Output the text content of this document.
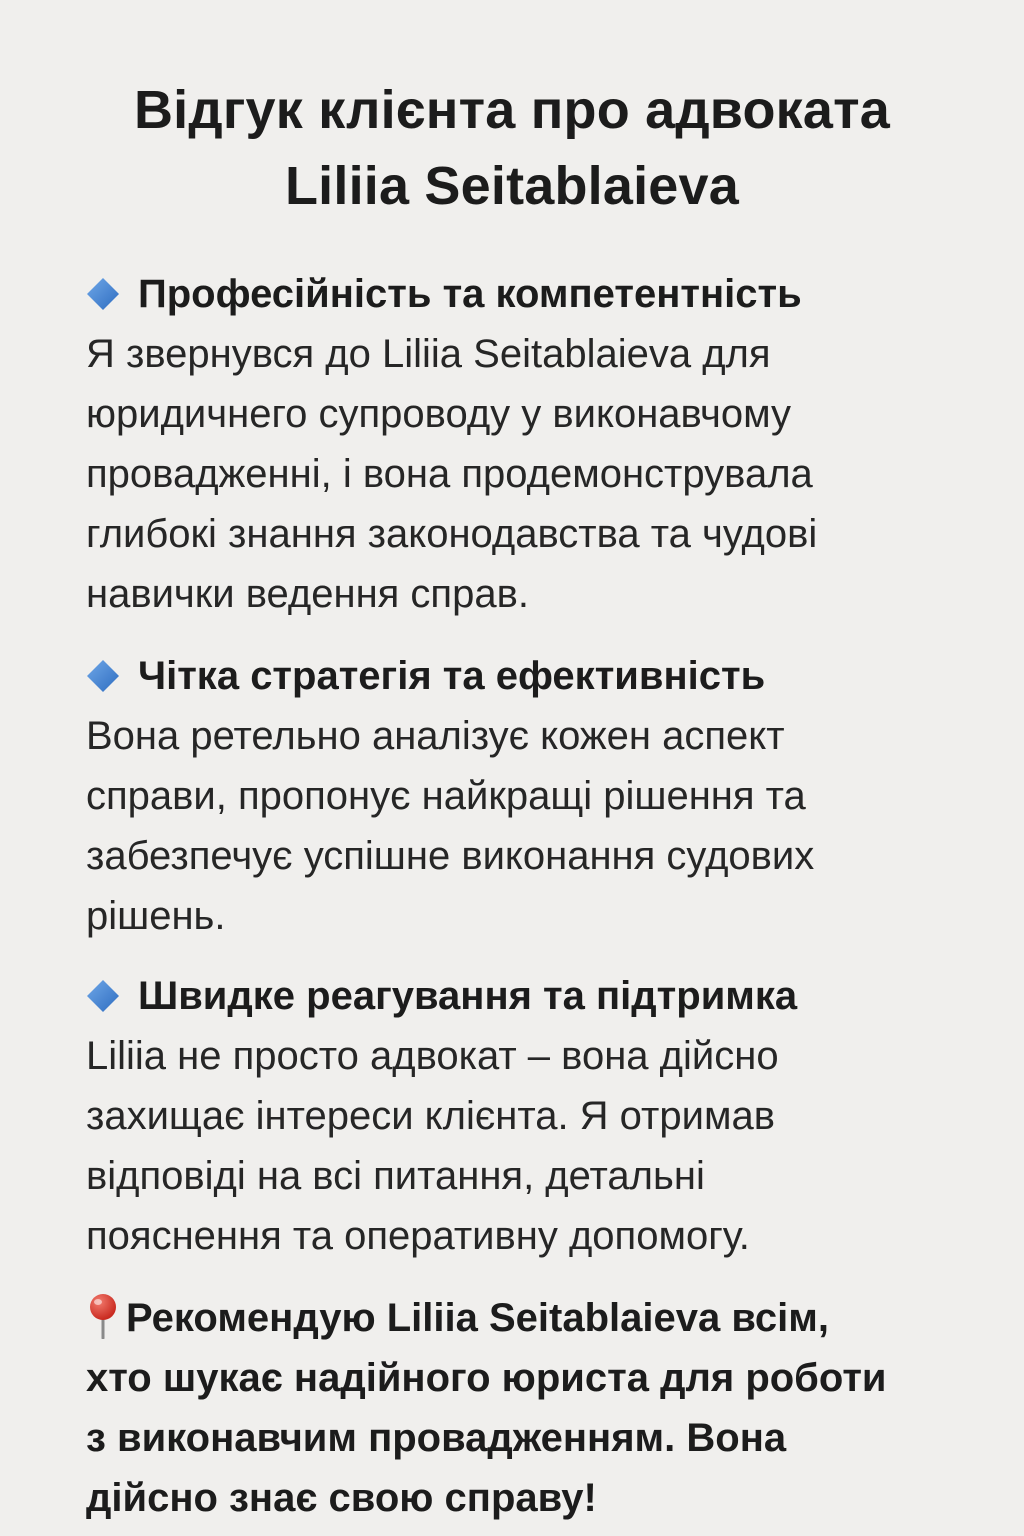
Відгук клієнта про адвоката
Liliia Seitablaieva
Професійність та компетентність
Я звернувся до Liliia Seitablaieva для
юридичнего супроводу у виконавчому
провадженні, і вона продемонструвала
глибокі знання законодавства та чудові
навички ведення справ.
Чітка стратегія та ефективність
Вона ретельно аналізує кожен аспект
справи, пропонує найкращі рішення та
забезпечує успішне виконання судових
рішень.
Швидке реагування та підтримка
Liliia не просто адвокат – вона дійсно
захищає інтереси клієнта. Я отримав
відповіді на всі питання, детальні
пояснення та оперативну допомогу.
Рекомендую Liliia Seitablaieva всім,
хто шукає надійного юриста для роботи
з виконавчим провадженням. Вона
дійсно знає свою справу!
